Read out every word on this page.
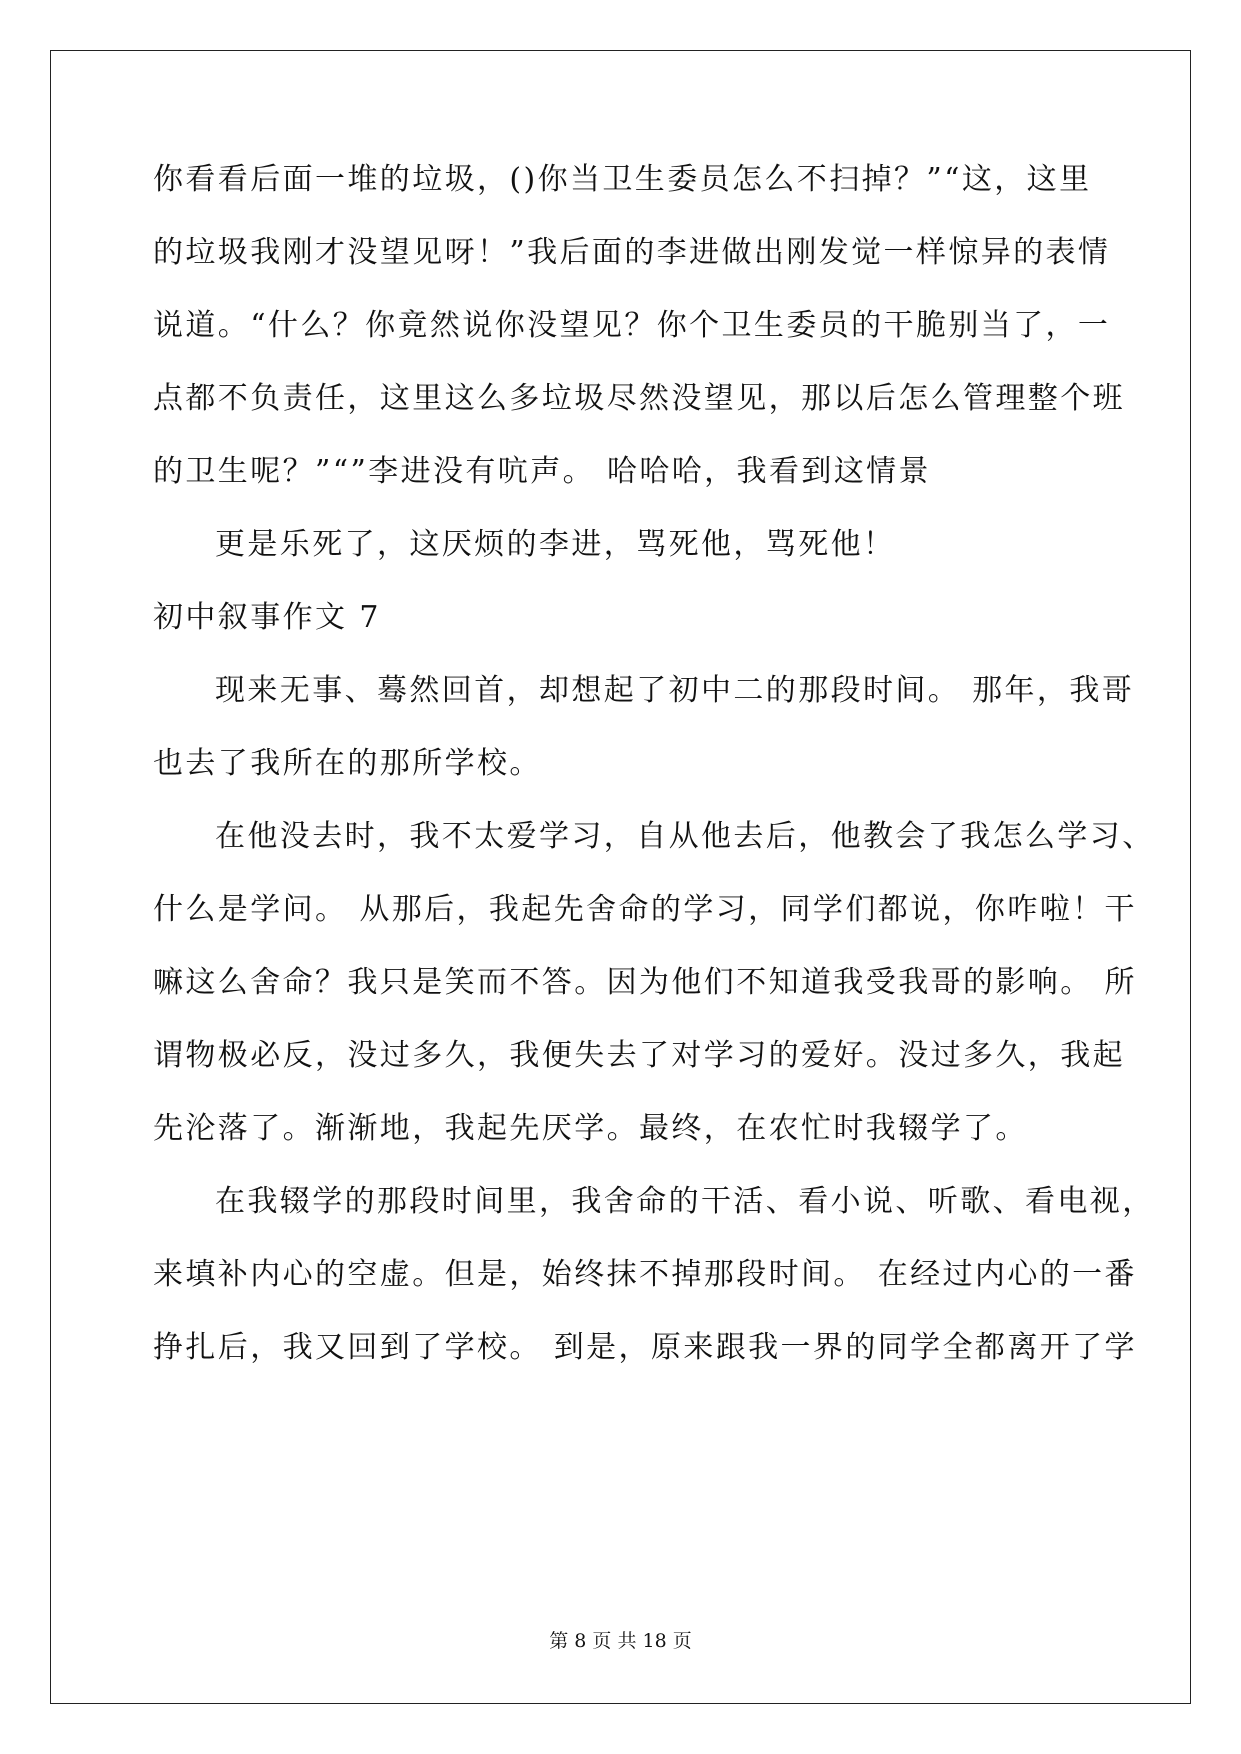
你看看后面一堆的垃圾，()你当卫生委员怎么不扫掉？”“这，这里
的垃圾我刚才没望见呀！”我后面的李进做出刚发觉一样惊异的表情
说道。“什么？你竟然说你没望见？你个卫生委员的干脆别当了，一
点都不负责任，这里这么多垃圾尽然没望见，那以后怎么管理整个班
的卫生呢？”“”李进没有吭声。 哈哈哈，我看到这情景
更是乐死了，这厌烦的李进，骂死他，骂死他！
初中叙事作文 7
现来无事、蓦然回首，却想起了初中二的那段时间。 那年，我哥
也去了我所在的那所学校。
在他没去时，我不太爱学习，自从他去后，他教会了我怎么学习、
什么是学问。 从那后，我起先舍命的学习，同学们都说，你咋啦！干
嘛这么舍命？我只是笑而不答。因为他们不知道我受我哥的影响。 所
谓物极必反，没过多久，我便失去了对学习的爱好。没过多久，我起
先沦落了。渐渐地，我起先厌学。最终，在农忙时我辍学了。
在我辍学的那段时间里，我舍命的干活、看小说、听歌、看电视，
来填补内心的空虚。但是，始终抹不掉那段时间。 在经过内心的一番
挣扎后，我又回到了学校。 到是，原来跟我一界的同学全都离开了学
第 8 页 共 18 页
